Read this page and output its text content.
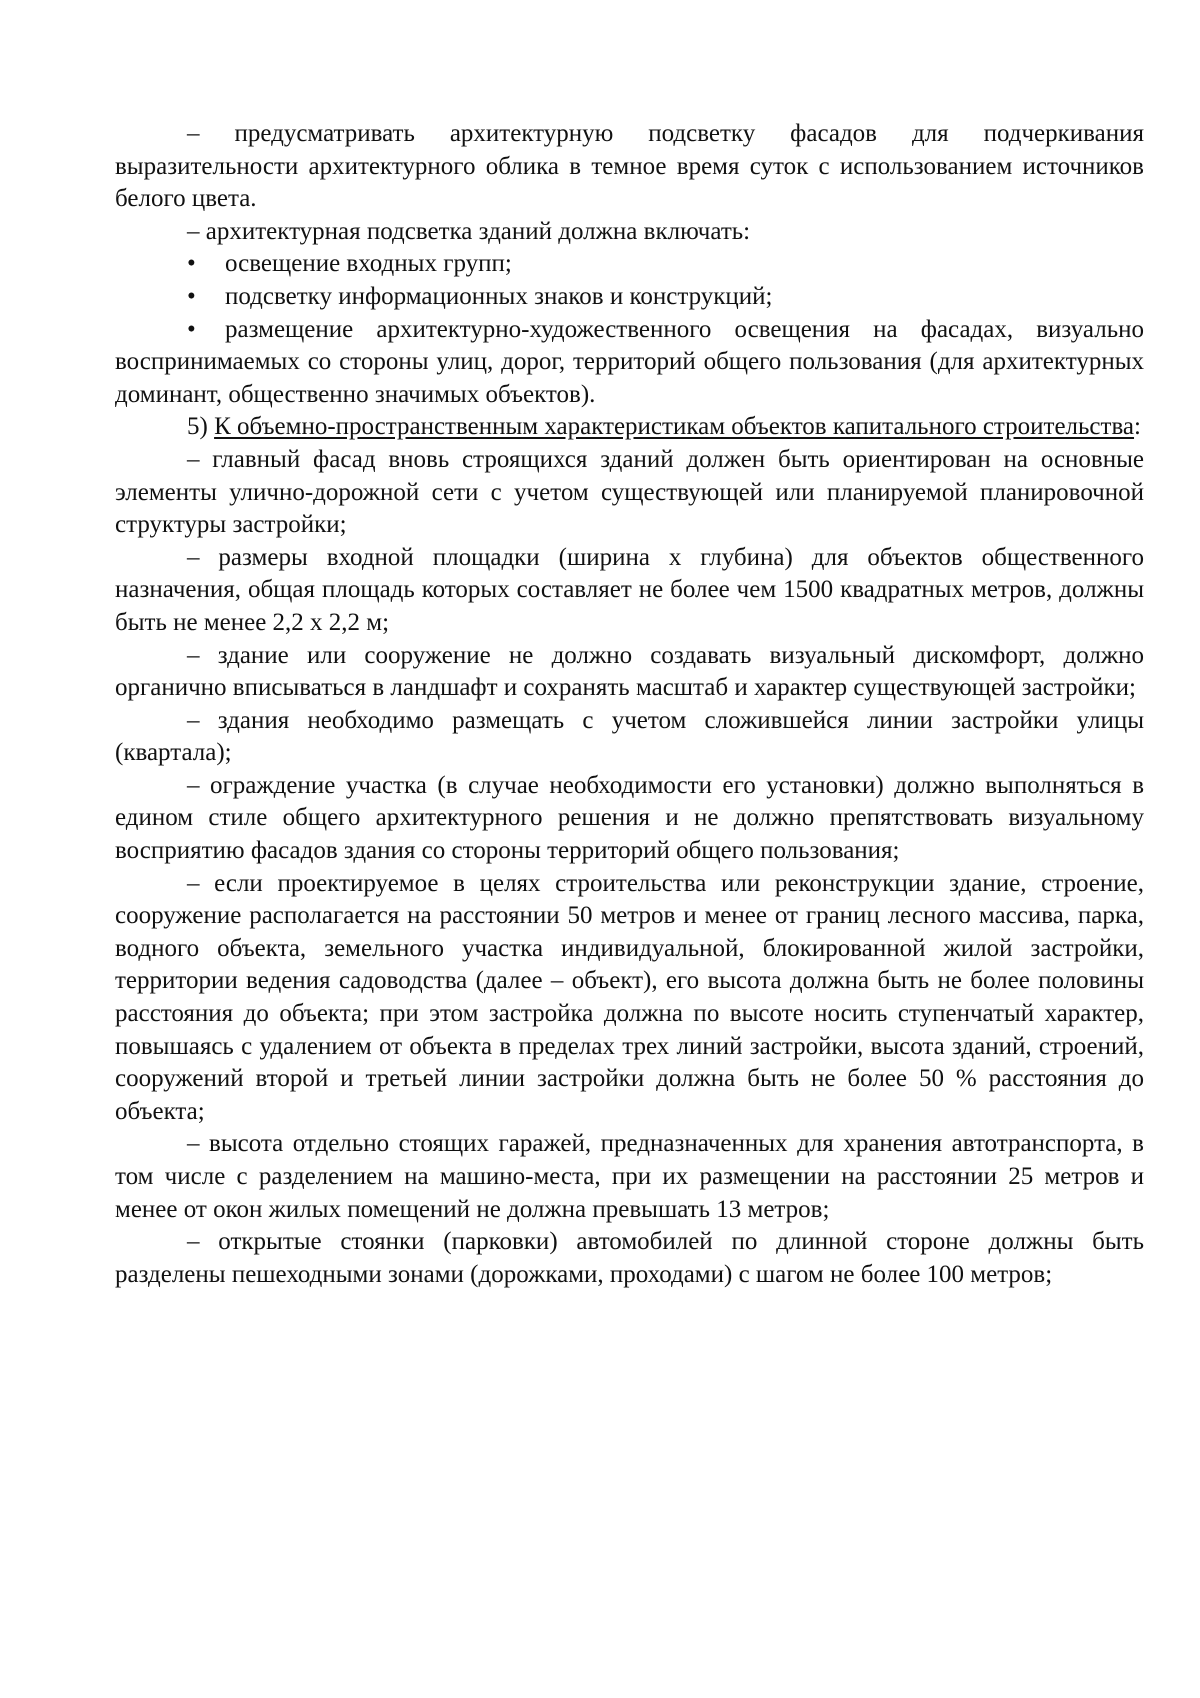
– предусматривать архитектурную подсветку фасадов для подчеркивания выразительности архитектурного облика в темное время суток с использованием источников белого цвета.

– архитектурная подсветка зданий должна включать:

• освещение входных групп;

• подсветку информационных знаков и конструкций;

• размещение архитектурно-художественного освещения на фасадах, визуально воспринимаемых со стороны улиц, дорог, территорий общего пользования (для архитектурных доминант, общественно значимых объектов).

5) К объемно-пространственным характеристикам объектов капитального строительства:

– главный фасад вновь строящихся зданий должен быть ориентирован на основные элементы улично-дорожной сети с учетом существующей или планируемой планировочной структуры застройки;

– размеры входной площадки (ширина х глубина) для объектов общественного назначения, общая площадь которых составляет не более чем 1500 квадратных метров, должны быть не менее 2,2 х 2,2 м;

– здание или сооружение не должно создавать визуальный дискомфорт, должно органично вписываться в ландшафт и сохранять масштаб и характер существующей застройки;

– здания необходимо размещать с учетом сложившейся линии застройки улицы (квартала);

– ограждение участка (в случае необходимости его установки) должно выполняться в едином стиле общего архитектурного решения и не должно препятствовать визуальному восприятию фасадов здания со стороны территорий общего пользования;

– если проектируемое в целях строительства или реконструкции здание, строение, сооружение располагается на расстоянии 50 метров и менее от границ лесного массива, парка, водного объекта, земельного участка индивидуальной, блокированной жилой застройки, территории ведения садоводства (далее – объект), его высота должна быть не более половины расстояния до объекта; при этом застройка должна по высоте носить ступенчатый характер, повышаясь с удалением от объекта в пределах трех линий застройки, высота зданий, строений, сооружений второй и третьей линии застройки должна быть не более 50 % расстояния до объекта;

– высота отдельно стоящих гаражей, предназначенных для хранения автотранспорта, в том числе с разделением на машино-места, при их размещении на расстоянии 25 метров и менее от окон жилых помещений не должна превышать 13 метров;

– открытые стоянки (парковки) автомобилей по длинной стороне должны быть разделены пешеходными зонами (дорожками, проходами) с шагом не более 100 метров;
